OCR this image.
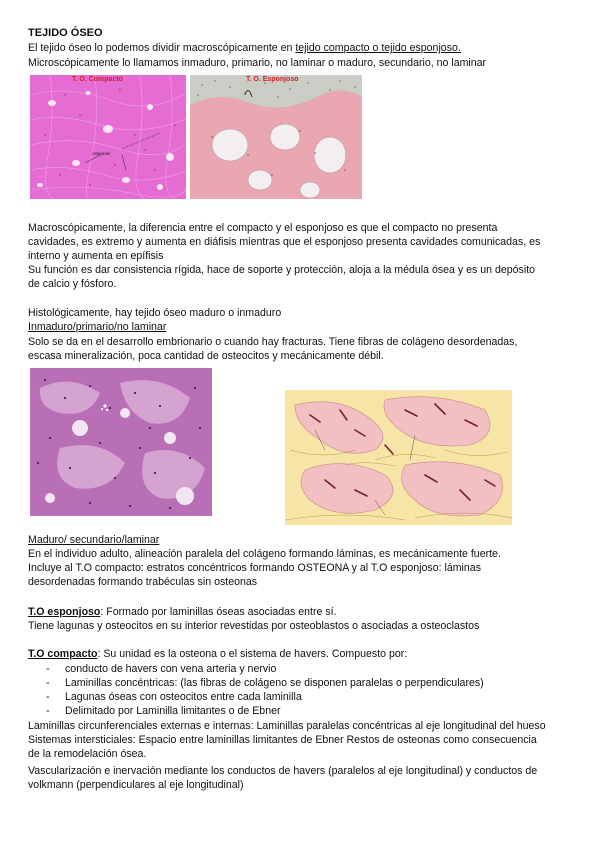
TEJIDO ÓSEO
El tejido óseo lo podemos dividir macroscópicamente en tejido compacto o tejido esponjoso.
Microscópicamente lo llamamos inmaduro, primario, no laminar o maduro, secundario, no laminar
T. O. Compacto
osteonas
T. O. Esponjoso
Macroscópicamente, la diferencia entre el compacto y el esponjoso es que el compacto no presenta
cavidades, es extremo y aumenta en diáfisis mientras que el esponjoso presenta cavidades comunicadas, es
interno y aumenta en epífisis
Su función es dar consistencia rígida, hace de soporte y protección, aloja a la médula ósea y es un depósito
de calcio y fósforo.
Histológicamente, hay tejido óseo maduro o inmaduro
Inmaduro/primario/no laminar
Solo se da en el desarrollo embrionario o cuando hay fracturas. Tiene fibras de colágeno desordenadas,
escasa mineralización, poca cantidad de osteocitos y mecánicamente débil.
Maduro/ secundario/laminar
En el individuo adulto, alineación paralela del colágeno formando láminas, es mecánicamente fuerte.
Incluye al T.O compacto: estratos concéntricos formando OSTEONA y al T.O esponjoso: láminas
desordenadas formando trabéculas sin osteonas
T.O esponjoso: Formado por laminillas óseas asociadas entre sí.
Tiene lagunas y osteocitos en su interior revestidas por osteoblastos o asociadas a osteoclastos
T.O compacto: Su unidad es la osteona o el sistema de havers. Compuesto por:
- conducto de havers con vena arteria y nervio
- Laminillas concéntricas: (las fibras de colágeno se disponen paralelas o perpendiculares)
- Lagunas óseas con osteocitos entre cada laminilla
- Delimitado por Laminilla limitantes o de Ebner
Laminillas circunferenciales externas e internas: Laminillas paralelas concéntricas al eje longitudinal del hueso
Sistemas intersticiales: Espacio entre laminillas limitantes de Ebner Restos de osteonas como consecuencia
de la remodelación ósea.
Vascularización e inervación mediante los conductos de havers (paralelos al eje longitudinal) y conductos de
volkmann (perpendiculares al eje longitudinal)
